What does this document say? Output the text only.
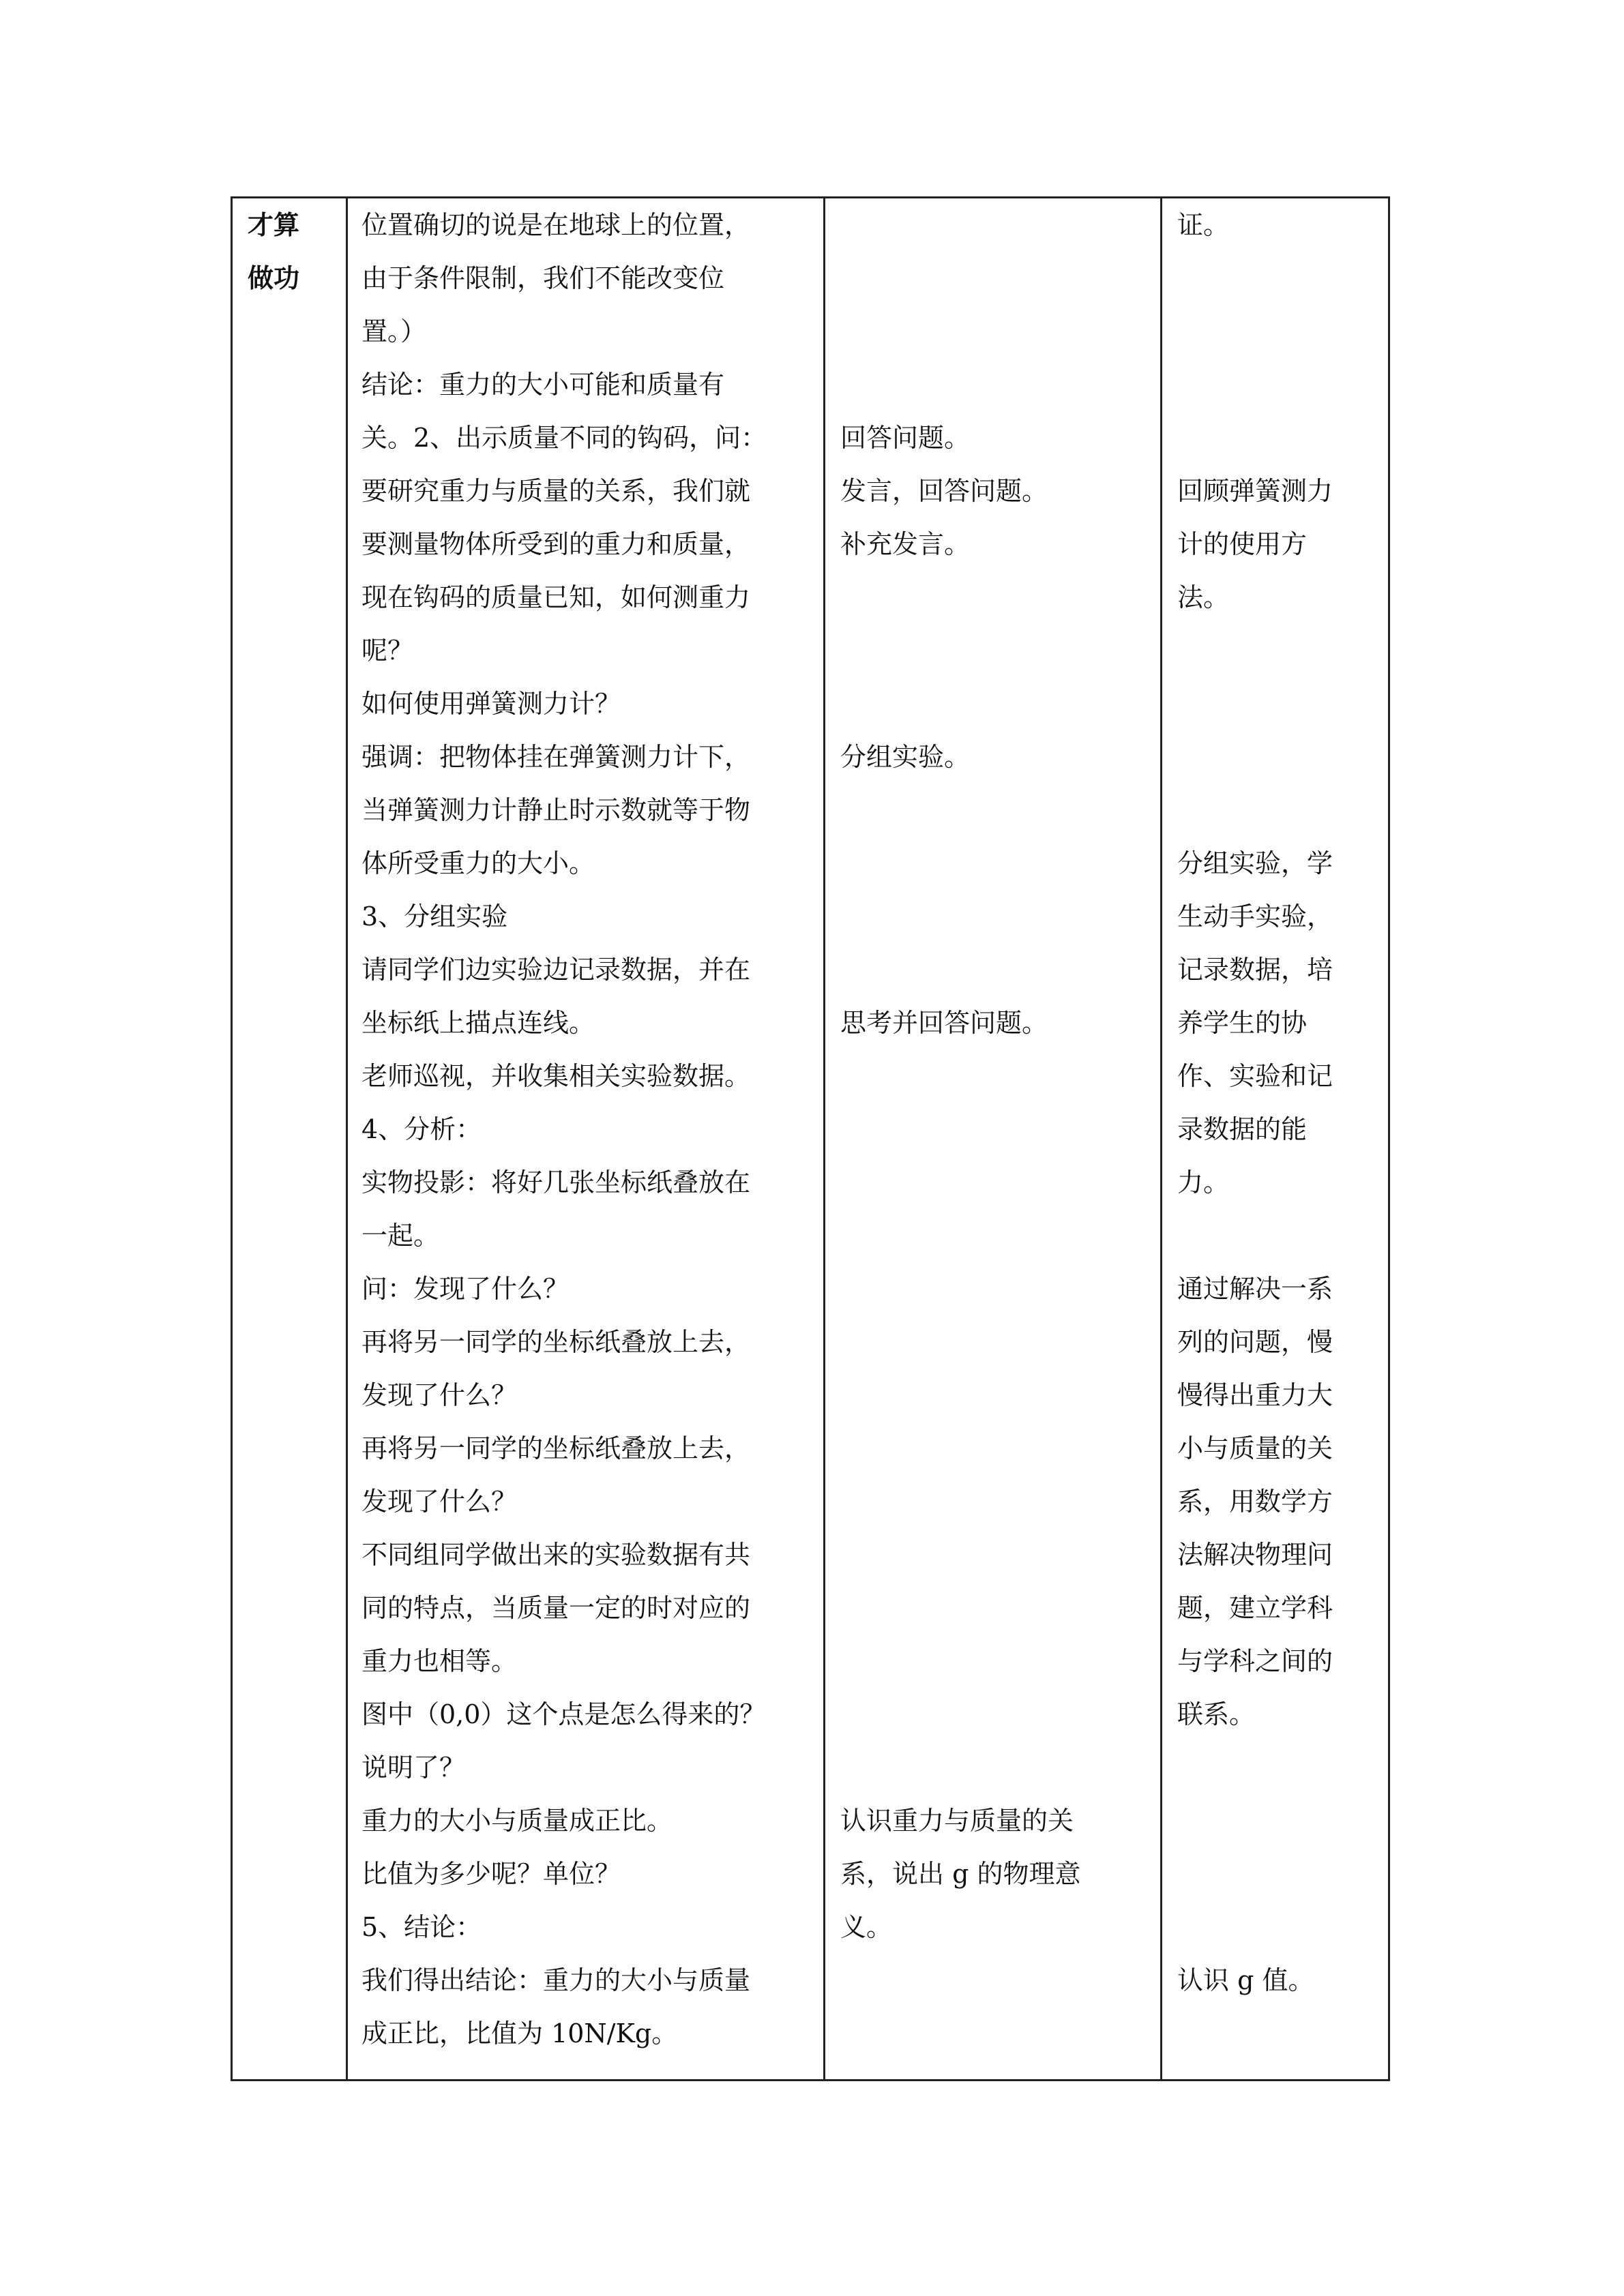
才算
做功
位置确切的说是在地球上的位置，
由于条件限制，我们不能改变位
置。）
结论：重力的大小可能和质量有
关。2、出示质量不同的钩码，问：
要研究重力与质量的关系，我们就
要测量物体所受到的重力和质量，
现在钩码的质量已知，如何测重力
呢？
如何使用弹簧测力计？
强调：把物体挂在弹簧测力计下，
当弹簧测力计静止时示数就等于物
体所受重力的大小。
3、分组实验
请同学们边实验边记录数据，并在
坐标纸上描点连线。
老师巡视，并收集相关实验数据。
4、分析：
实物投影：将好几张坐标纸叠放在
一起。
问：发现了什么？
再将另一同学的坐标纸叠放上去，
发现了什么？
再将另一同学的坐标纸叠放上去，
发现了什么？
不同组同学做出来的实验数据有共
同的特点，当质量一定的时对应的
重力也相等。
图中（0,0）这个点是怎么得来的？
说明了？
重力的大小与质量成正比。
比值为多少呢？单位？
5、结论：
我们得出结论：重力的大小与质量
成正比，比值为 10N/Kg。
回答问题。
发言，回答问题。
补充发言。
分组实验。
思考并回答问题。
认识重力与质量的关
系，说出 g 的物理意
义。
证。
回顾弹簧测力
计的使用方
法。
分组实验，学
生动手实验，
记录数据，培
养学生的协
作、实验和记
录数据的能
力。
通过解决一系
列的问题，慢
慢得出重力大
小与质量的关
系，用数学方
法解决物理问
题，建立学科
与学科之间的
联系。
认识 g 值。
